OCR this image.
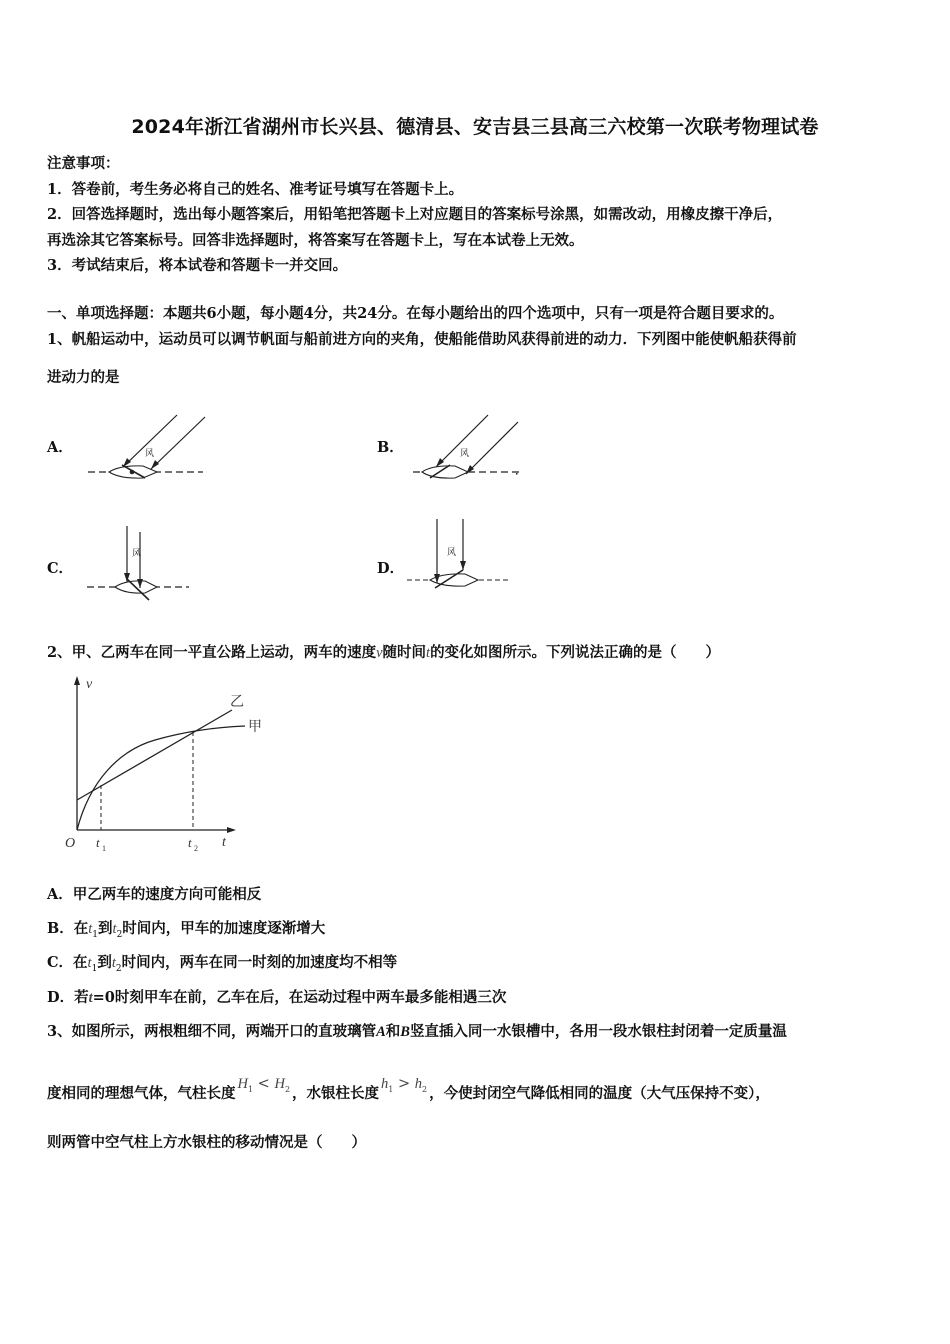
2024年浙江省湖州市长兴县、德清县、安吉县三县高三六校第一次联考物理试卷
注意事项：
1．答卷前，考生务必将自己的姓名、准考证号填写在答题卡上。
2．回答选择题时，选出每小题答案后，用铅笔把答题卡上对应题目的答案标号涂黑，如需改动，用橡皮擦干净后，
再选涂其它答案标号。回答非选择题时，将答案写在答题卡上，写在本试卷上无效。
3．考试结束后，将本试卷和答题卡一并交回。
一、单项选择题：本题共6小题，每小题4分，共24分。在每小题给出的四个选项中，只有一项是符合题目要求的。
1、帆船运动中，运动员可以调节帆面与船前进方向的夹角，使船能借助风获得前进的动力．下列图中能使帆船获得前
进动力的是
A．	B．
C．	D．
风	风
风	风
2、甲、乙两车在同一平直公路上运动，两车的速度v随时间t的变化如图所示。下列说法正确的是（　　）
v
t
O t 1	t 2
乙
甲
A．甲乙两车的速度方向可能相反
B．在$t_1$到$t_2$时间内，甲车的加速度逐渐增大
C．在$t_1$到$t_2$时间内，两车在同一时刻的加速度均不相等
D．若t=0时刻甲车在前，乙车在后，在运动过程中两车最多能相遇三次
3、如图所示，两根粗细不同，两端开口的直玻璃管A和B竖直插入同一水银槽中，各用一段水银柱封闭着一定质量温
度相同的理想气体，气柱长度$H_1 < H_2$ ，水银柱长度$h_1 > h_2$ ，今使封闭空气降低相同的温度（大气压保持不变），
则两管中空气柱上方水银柱的移动情况是（　　）
